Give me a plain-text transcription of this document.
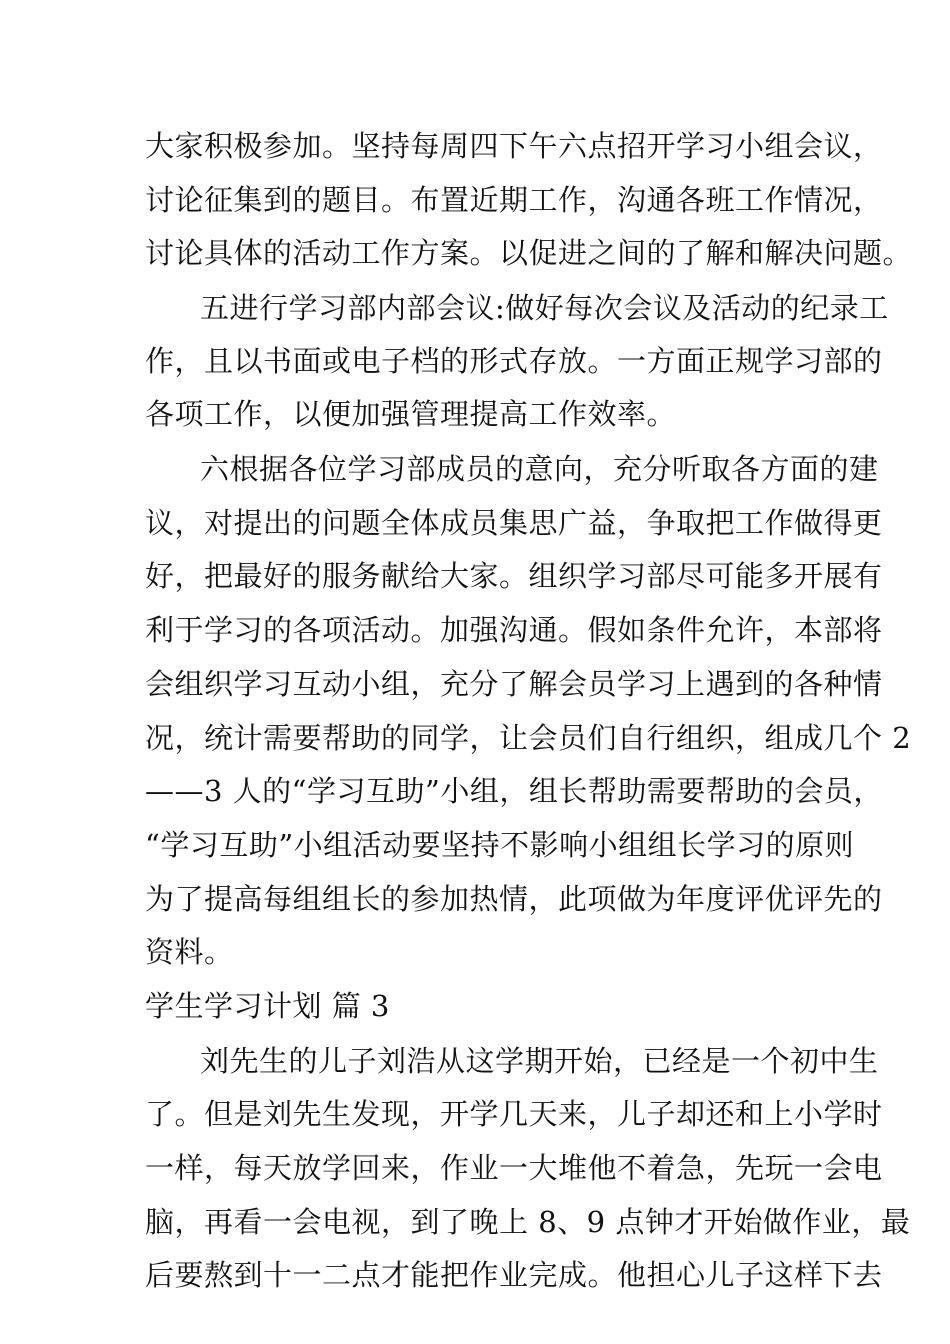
大家积极参加。坚持每周四下午六点招开学习小组会议，
讨论征集到的题目。布置近期工作，沟通各班工作情况，
讨论具体的活动工作方案。以促进之间的了解和解决问题。
五进行学习部内部会议:做好每次会议及活动的纪录工
作，且以书面或电子档的形式存放。一方面正规学习部的
各项工作，以便加强管理提高工作效率。
六根据各位学习部成员的意向，充分听取各方面的建
议，对提出的问题全体成员集思广益，争取把工作做得更
好，把最好的服务献给大家。组织学习部尽可能多开展有
利于学习的各项活动。加强沟通。假如条件允许，本部将
会组织学习互动小组，充分了解会员学习上遇到的各种情
况，统计需要帮助的同学，让会员们自行组织，组成几个 2
——3 人的“学习互助”小组，组长帮助需要帮助的会员，
“学习互助”小组活动要坚持不影响小组组长学习的原则
为了提高每组组长的参加热情，此项做为年度评优评先的
资料。
学生学习计划 篇 3
刘先生的儿子刘浩从这学期开始，已经是一个初中生
了。但是刘先生发现，开学几天来，儿子却还和上小学时
一样，每天放学回来，作业一大堆他不着急，先玩一会电
脑，再看一会电视，到了晚上 8、9 点钟才开始做作业，最
后要熬到十一二点才能把作业完成。他担心儿子这样下去
